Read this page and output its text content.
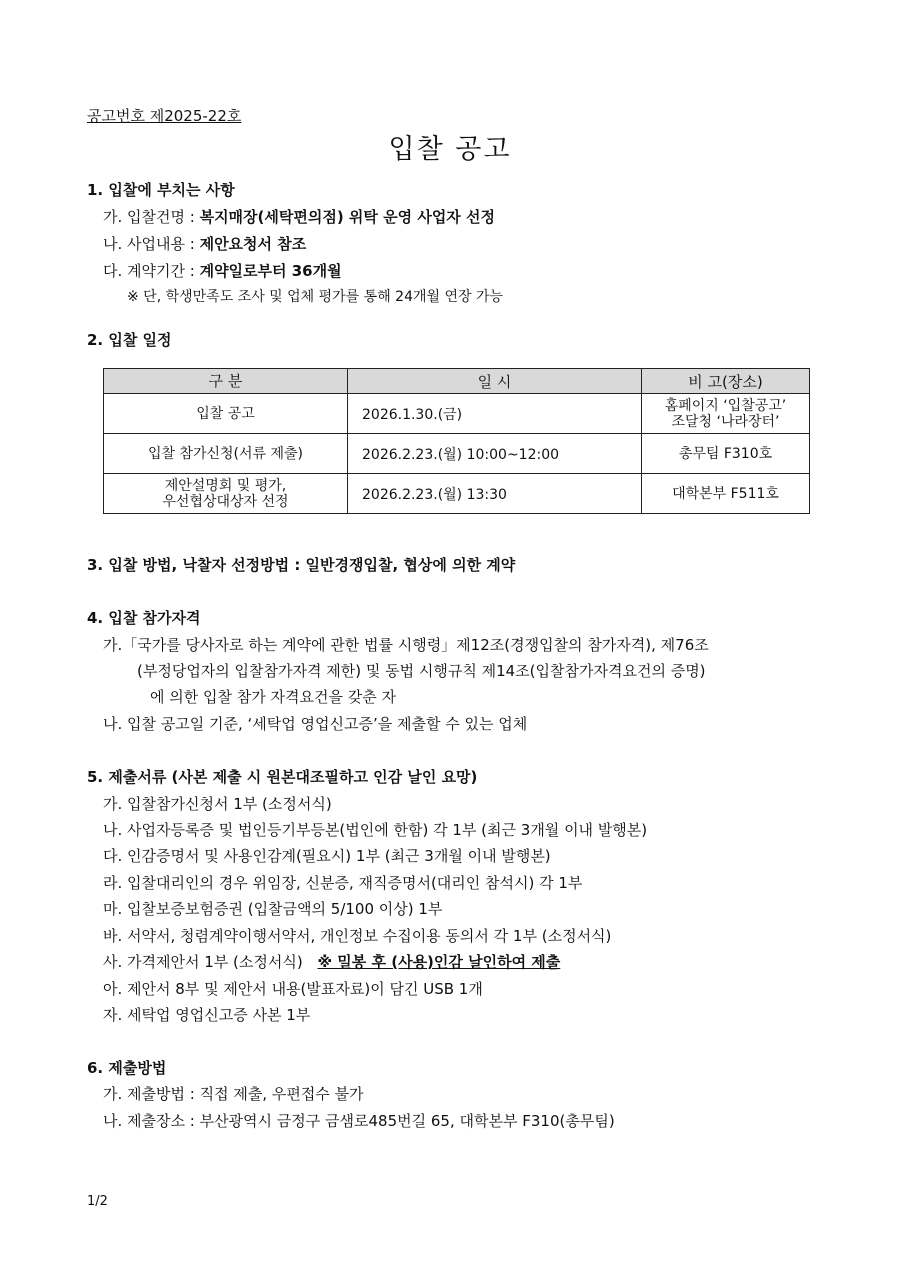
공고번호 제2025-22호
입찰 공고
1. 입찰에 부치는 사항
가. 입찰건명 : 복지매장(세탁편의점) 위탁 운영 사업자 선정
나. 사업내용 : 제안요청서 참조
다. 계약기간 : 계약일로부터 36개월
※ 단, 학생만족도 조사 및 업체 평가를 통해 24개월 연장 가능
2. 입찰 일정
구 분	일 시	비 고(장소)
입찰 공고	2026.1.30.(금)	홈페이지 ‘입찰공고’
조달청 ‘나라장터’

입찰 참가신청(서류 제출)	2026.2.23.(월) 10:00~12:00	총무팀 F310호

제안설명회 및 평가,
우선협상대상자 선정	2026.2.23.(월) 13:30	대학본부 F511호
3. 입찰 방법, 낙찰자 선정방법 : 일반경쟁입찰, 협상에 의한 계약
4. 입찰 참가자격
가.「국가를 당사자로 하는 계약에 관한 법률 시행령」제12조(경쟁입찰의 참가자격), 제76조
(부정당업자의 입찰참가자격 제한) 및 동법 시행규칙 제14조(입찰참가자격요건의 증명)
에 의한 입찰 참가 자격요건을 갖춘 자
나. 입찰 공고일 기준, ‘세탁업 영업신고증’을 제출할 수 있는 업체
5. 제출서류 (사본 제출 시 원본대조필하고 인감 날인 요망)
가. 입찰참가신청서 1부 (소정서식)
나. 사업자등록증 및 법인등기부등본(법인에 한함) 각 1부 (최근 3개월 이내 발행본)
다. 인감증명서 및 사용인감계(필요시) 1부 (최근 3개월 이내 발행본)
라. 입찰대리인의 경우 위임장, 신분증, 재직증명서(대리인 참석시) 각 1부
마. 입찰보증보험증권 (입찰금액의 5/100 이상) 1부
바. 서약서, 청렴계약이행서약서, 개인정보 수집이용 동의서 각 1부 (소정서식)
사. 가격제안서 1부 (소정서식) ※ 밀봉 후 (사용)인감 날인하여 제출
아. 제안서 8부 및 제안서 내용(발표자료)이 담긴 USB 1개
자. 세탁업 영업신고증 사본 1부
6. 제출방법
가. 제출방법 : 직접 제출, 우편접수 불가
나. 제출장소 : 부산광역시 금정구 금샘로485번길 65, 대학본부 F310(총무팀)
1/2
